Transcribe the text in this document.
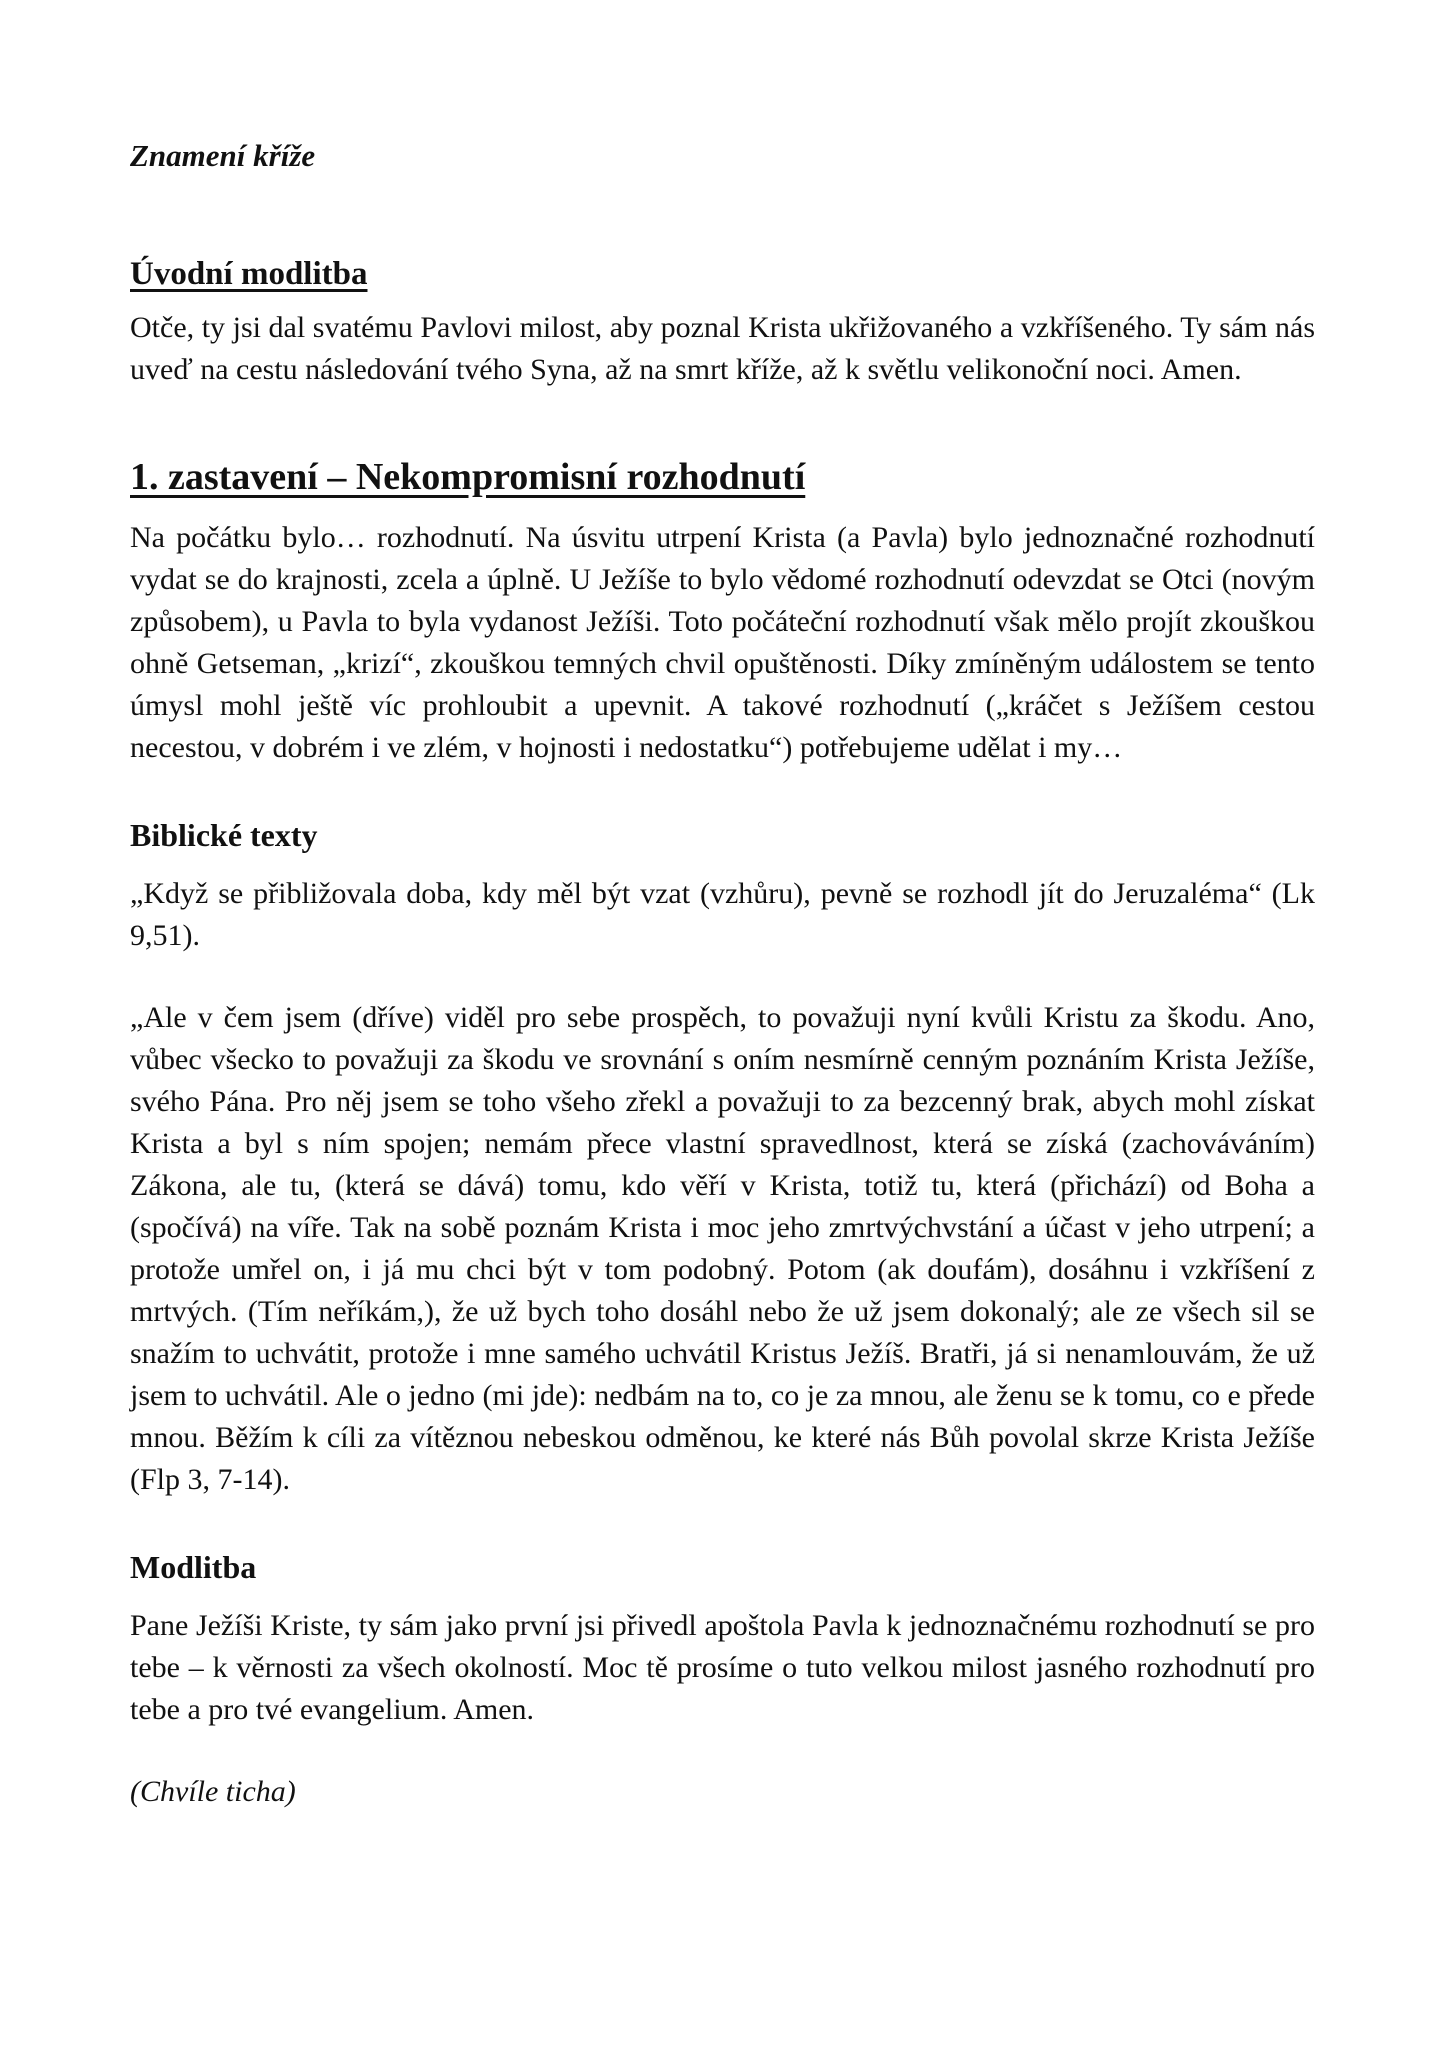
Znamení kříže

Úvodní modlitba

Otče, ty jsi dal svatému Pavlovi milost, aby poznal Krista ukřižovaného a vzkříšeného. Ty sám nás uveď na cestu následování tvého Syna, až na smrt kříže, až k světlu velikonoční noci. Amen.

1. zastavení – Nekompromisní rozhodnutí

Na počátku bylo… rozhodnutí. Na úsvitu utrpení Krista (a Pavla) bylo jednoznačné rozhodnutí vydat se do krajnosti, zcela a úplně. U Ježíše to bylo vědomé rozhodnutí odevzdat se Otci (novým způsobem), u Pavla to byla vydanost Ježíši. Toto počáteční rozhodnutí však mělo projít zkouškou ohně Getseman, „krizí“, zkouškou temných chvil opuštěnosti. Díky zmíněným událostem se tento úmysl mohl ještě víc prohloubit a upevnit. A takové rozhodnutí („kráčet s Ježíšem cestou necestou, v dobrém i ve zlém, v hojnosti i nedostatku“) potřebujeme udělat i my…

Biblické texty

„Když se přibližovala doba, kdy měl být vzat (vzhůru), pevně se rozhodl jít do Jeruzaléma“ (Lk 9,51).

„Ale v čem jsem (dříve) viděl pro sebe prospěch, to považuji nyní kvůli Kristu za škodu. Ano, vůbec všecko to považuji za škodu ve srovnání s oním nesmírně cenným poznáním Krista Ježíše, svého Pána. Pro něj jsem se toho všeho zřekl a považuji to za bezcenný brak, abych mohl získat Krista a byl s ním spojen; nemám přece vlastní spravedlnost, která se získá (zachováváním) Zákona, ale tu, (která se dává) tomu, kdo věří v Krista, totiž tu, která (přichází) od Boha a (spočívá) na víře. Tak na sobě poznám Krista i moc jeho zmrtvýchvstání a účast v jeho utrpení; a protože umřel on, i já mu chci být v tom podobný. Potom (ak doufám), dosáhnu i vzkříšení z mrtvých. (Tím neříkám,), že už bych toho dosáhl nebo že už jsem dokonalý; ale ze všech sil se snažím to uchvátit, protože i mne samého uchvátil Kristus Ježíš. Bratři, já si nenamlouvám, že už jsem to uchvátil. Ale o jedno (mi jde): nedbám na to, co je za mnou, ale ženu se k tomu, co e přede mnou. Běžím k cíli za vítěznou nebeskou odměnou, ke které nás Bůh povolal skrze Krista Ježíše (Flp 3, 7-14).

Modlitba

Pane Ježíši Kriste, ty sám jako první jsi přivedl apoštola Pavla k jednoznačnému rozhodnutí se pro tebe – k věrnosti za všech okolností. Moc tě prosíme o tuto velkou milost jasného rozhodnutí pro tebe a pro tvé evangelium. Amen.

(Chvíle ticha)
